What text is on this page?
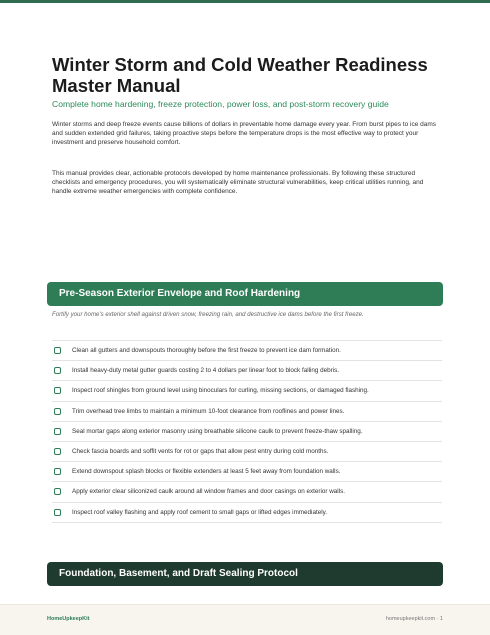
Winter Storm and Cold Weather Readiness Master Manual

Complete home hardening, freeze protection, power loss, and post-storm recovery guide

Winter storms and deep freeze events cause billions of dollars in preventable home damage every year. From burst pipes to ice dams and sudden extended grid failures, taking proactive steps before the temperature drops is the most effective way to protect your investment and preserve household comfort.

This manual provides clear, actionable protocols developed by home maintenance professionals. By following these structured checklists and emergency procedures, you will systematically eliminate structural vulnerabilities, keep critical utilities running, and handle extreme weather emergencies with complete confidence.

Pre-Season Exterior Envelope and Roof Hardening

Fortify your home's exterior shell against driven snow, freezing rain, and destructive ice dams before the first freeze.

Clean all gutters and downspouts thoroughly before the first freeze to prevent ice dam formation.
Install heavy-duty metal gutter guards costing 2 to 4 dollars per linear foot to block falling debris.
Inspect roof shingles from ground level using binoculars for curling, missing sections, or damaged flashing.
Trim overhead tree limbs to maintain a minimum 10-foot clearance from rooflines and power lines.
Seal mortar gaps along exterior masonry using breathable silicone caulk to prevent freeze-thaw spalling.
Check fascia boards and soffit vents for rot or gaps that allow pest entry during cold months.
Extend downspout splash blocks or flexible extenders at least 5 feet away from foundation walls.
Apply exterior clear siliconized caulk around all window frames and door casings on exterior walls.
Inspect roof valley flashing and apply roof cement to small gaps or lifted edges immediately.
Foundation, Basement, and Draft Sealing Protocol
HomeUpkeepKit	homeupkeepkit.com · 1
